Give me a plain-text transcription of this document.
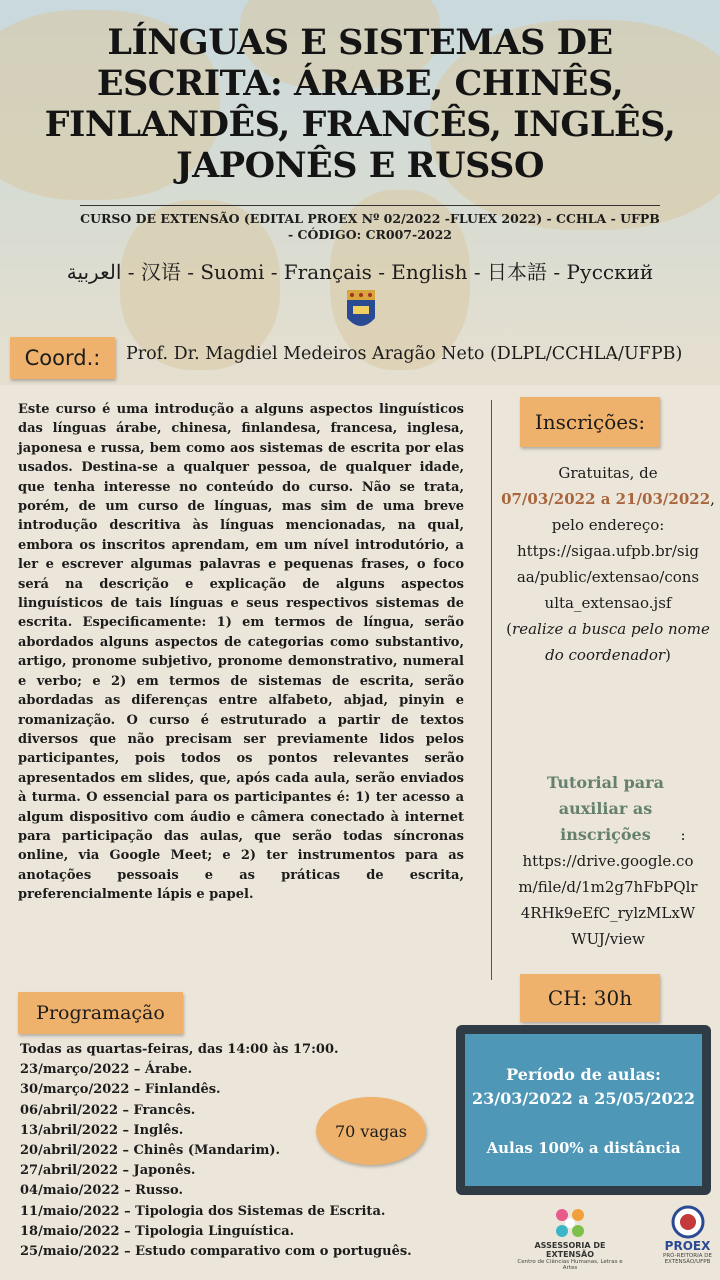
LÍNGUAS E SISTEMAS DE ESCRITA: ÁRABE, CHINÊS, FINLANDÊS, FRANCÊS, INGLÊS, JAPONÊS E RUSSO

CURSO DE EXTENSÃO (EDITAL PROEX Nº 02/2022 -FLUEX 2022) - CCHLA - UFPB - CÓDIGO: CR007-2022

العربية - 汉语 - Suomi - Français - English - 日本語 - Русский

Coord.:	Prof. Dr. Magdiel Medeiros Aragão Neto (DLPL/CCHLA/UFPB)

Este curso é uma introdução a alguns aspectos linguísticos das línguas árabe, chinesa, finlandesa, francesa, inglesa, japonesa e russa, bem como aos sistemas de escrita por elas usados. Destina-se a qualquer pessoa, de qualquer idade, que tenha interesse no conteúdo do curso. Não se trata, porém, de um curso de línguas, mas sim de uma breve introdução descritiva às línguas mencionadas, na qual, embora os inscritos aprendam, em um nível introdutório, a ler e escrever algumas palavras e pequenas frases, o foco será na descrição e explicação de alguns aspectos linguísticos de tais línguas e seus respectivos sistemas de escrita. Especificamente: 1) em termos de língua, serão abordados alguns aspectos de categorias como substantivo, artigo, pronome subjetivo, pronome demonstrativo, numeral e verbo; e 2) em termos de sistemas de escrita, serão abordadas as diferenças entre alfabeto, abjad, pinyin e romanização. O curso é estruturado a partir de textos diversos que não precisam ser previamente lidos pelos participantes, pois todos os pontos relevantes serão apresentados em slides, que, após cada aula, serão enviados à turma. O essencial para os participantes é: 1) ter acesso a algum dispositivo com áudio e câmera conectado à internet para participação das aulas, que serão todas síncronas online, via Google Meet; e 2) ter instrumentos para as anotações pessoais e as práticas de escrita, preferencialmente lápis e papel.

Inscrições:
Gratuitas, de
07/03/2022 a 21/03/2022, pelo endereço:
https://sigaa.ufpb.br/sigaa/public/extensao/consulta_extensao.jsf
(realize a busca pelo nome do coordenador)
Tutorial para auxiliar as inscrições :
https://drive.google.com/file/d/1m2g7hFbPQlr4RHk9eEfC_rylzMLxWWUJ/view
CH: 30h
Período de aulas:
23/03/2022 a 25/05/2022
Aulas 100% a distância
Programação
Todas as quartas-feiras, das 14:00 às 17:00.
23/março/2022 – Árabe.
30/março/2022 – Finlandês.
06/abril/2022 – Francês.
13/abril/2022 – Inglês.
20/abril/2022 – Chinês (Mandarim).
27/abril/2022 – Japonês.
04/maio/2022 – Russo.
11/maio/2022 – Tipologia dos Sistemas de Escrita.
18/maio/2022 – Tipologia Linguística.
25/maio/2022 – Estudo comparativo com o português.
70 vagas
ASSESSORIA DE EXTENSÃO
Centro de Ciências Humanas, Letras e Artes
PROEX
PRÓ-REITORIA DE EXTENSÃO/UFPB
